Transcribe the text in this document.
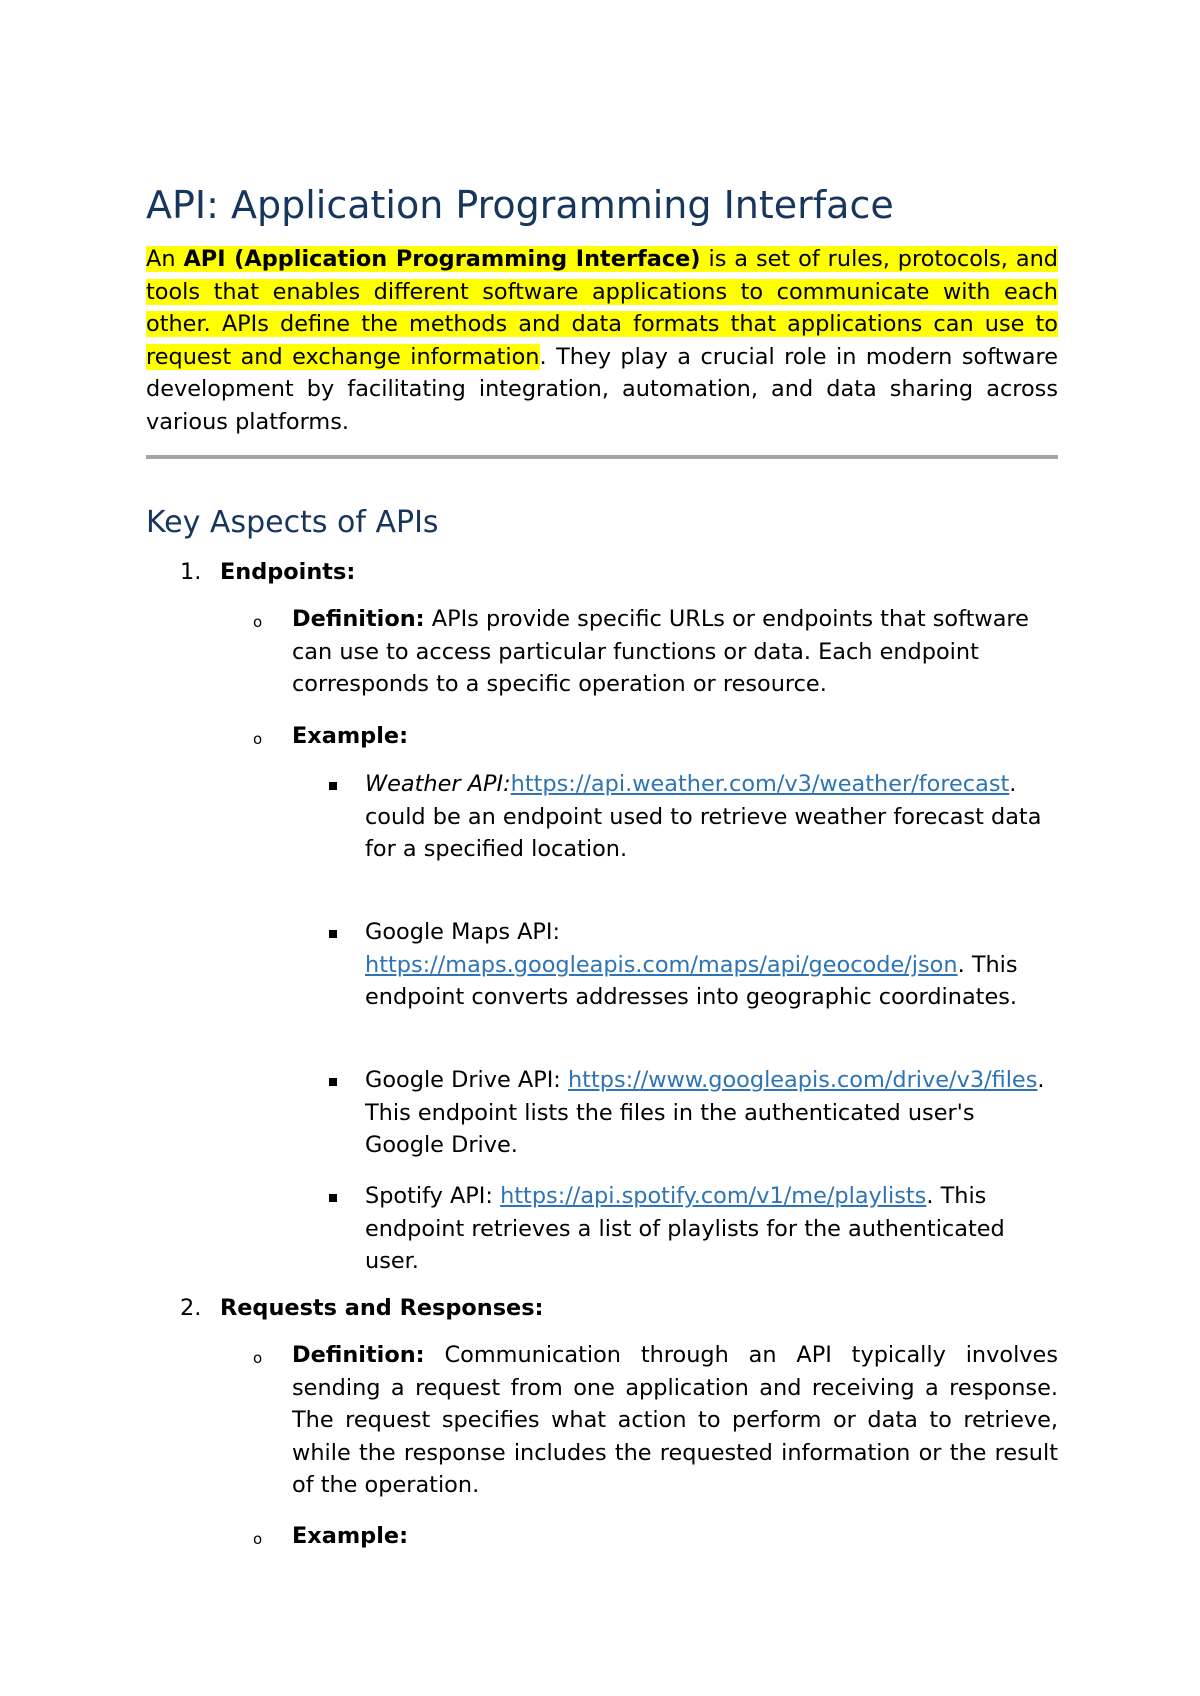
API: Application Programming Interface

An API (Application Programming Interface) is a set of rules, protocols, and tools that enables different software applications to communicate with each other. APIs define the methods and data formats that applications can use to request and exchange information. They play a crucial role in modern software development by facilitating integration, automation, and data sharing across various platforms.

Key Aspects of APIs
1. Endpoints:
o Definition: APIs provide specific URLs or endpoints that software can use to access particular functions or data. Each endpoint corresponds to a specific operation or resource.

o Example:

Weather API:https://api.weather.com/v3/weather/forecast. could be an endpoint used to retrieve weather forecast data for a specified location.

Google Maps API: https://maps.googleapis.com/maps/api/geocode/json. This endpoint converts addresses into geographic coordinates.

Google Drive API: https://www.googleapis.com/drive/v3/files. This endpoint lists the files in the authenticated user's Google Drive.

Spotify API: https://api.spotify.com/v1/me/playlists. This endpoint retrieves a list of playlists for the authenticated user.

2. Requests and Responses:
o Definition: Communication through an API typically involves sending a request from one application and receiving a response. The request specifies what action to perform or data to retrieve, while the response includes the requested information or the result of the operation.

o Example:
